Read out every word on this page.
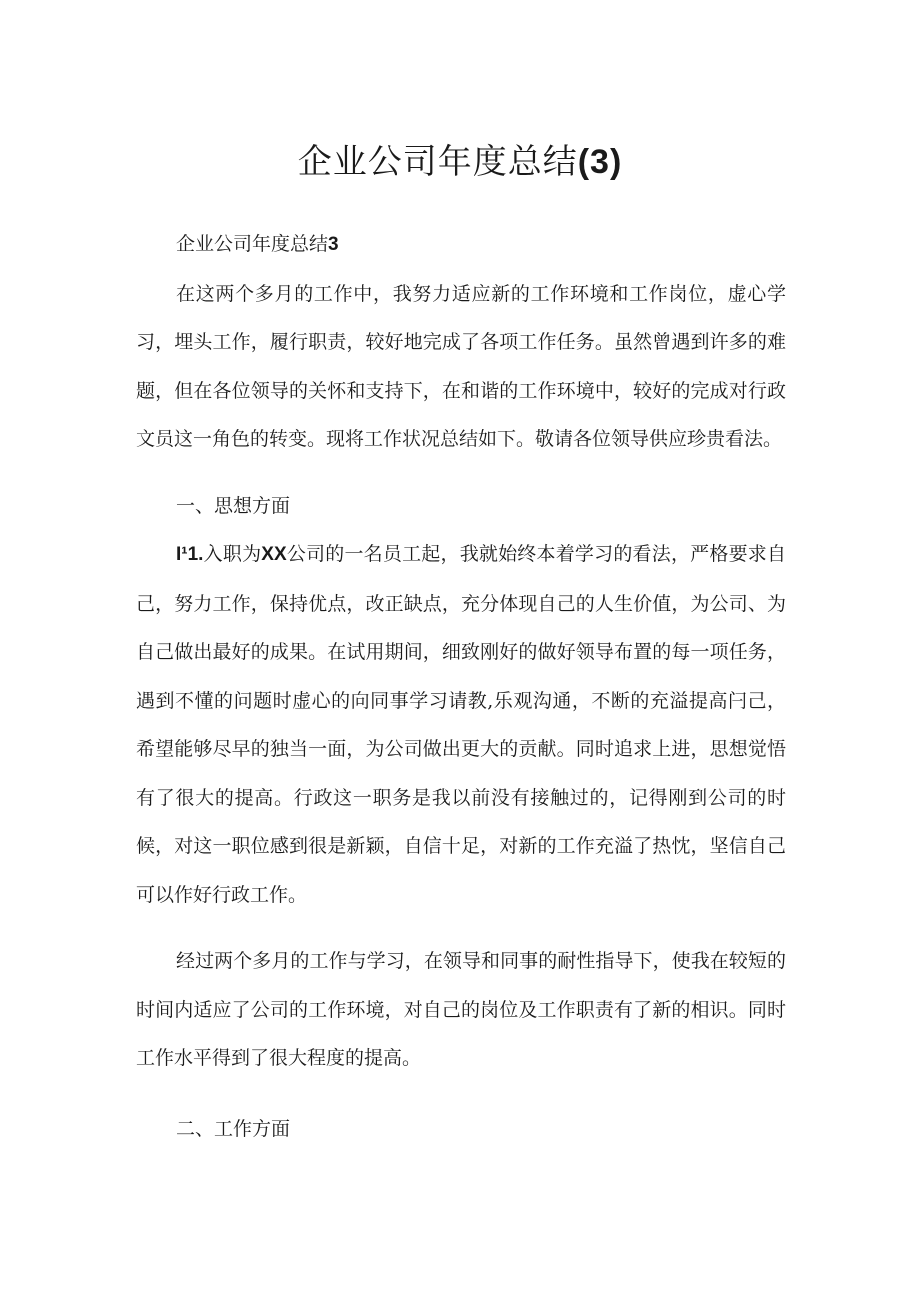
企业公司年度总结(3)

企业公司年度总结3

在这两个多月的工作中，我努力适应新的工作环境和工作岗位，虚心学习，埋头工作，履行职责，较好地完成了各项工作任务。虽然曾遇到许多的难题，但在各位领导的关怀和支持下，在和谐的工作环境中，较好的完成对行政文员这一角色的转变。现将工作状况总结如下。敬请各位领导供应珍贵看法。

一、思想方面

I¹1.入职为XX公司的一名员工起，我就始终本着学习的看法，严格要求自己，努力工作，保持优点，改正缺点，充分体现自己的人生价值，为公司、为自己做出最好的成果。在试用期间，细致刚好的做好领导布置的每一项任务，遇到不懂的问题时虚心的向同事学习请教,乐观沟通，不断的充溢提高闩己，希望能够尽早的独当一面，为公司做出更大的贡献。同时追求上进，思想觉悟有了很大的提高。行政这一职务是我以前没有接触过的，记得刚到公司的时候，对这一职位感到很是新颖，自信十足，对新的工作充溢了热忱，坚信自己可以作好行政工作。

经过两个多月的工作与学习，在领导和同事的耐性指导下，使我在较短的时间内适应了公司的工作环境，对自己的岗位及工作职责有了新的相识。同时工作水平得到了很大程度的提高。

二、工作方面
